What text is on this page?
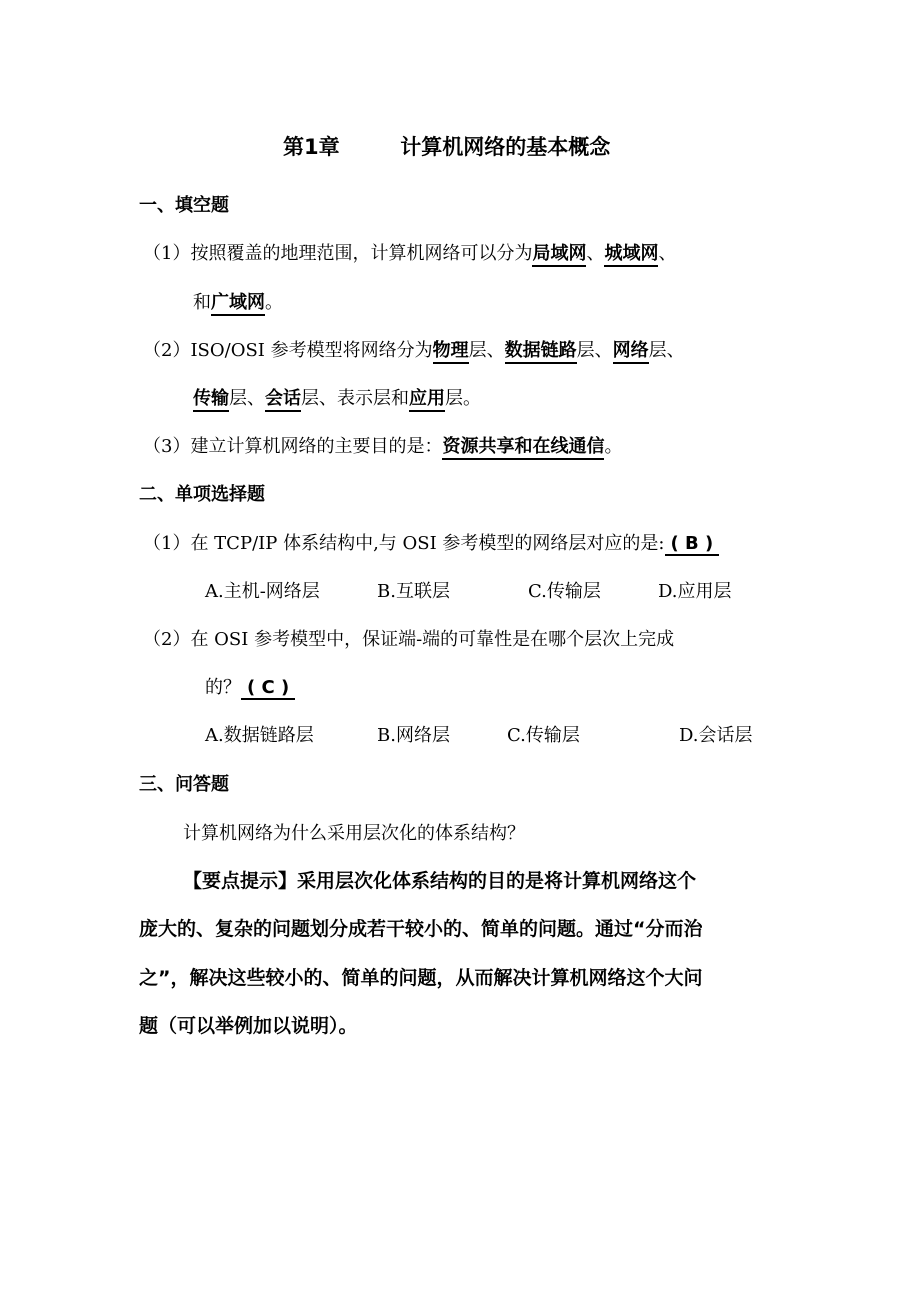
第1章	计算机网络的基本概念
一、填空题
（1）按照覆盖的地理范围，计算机网络可以分为局域网、城域网、
和广域网。
（2）ISO/OSI 参考模型将网络分为物理层、数据链路层、网络层、
传输层、会话层、表示层和应用层。
（3）建立计算机网络的主要目的是：资源共享和在线通信。
二、单项选择题
（1）在 TCP/IP 体系结构中,与 OSI 参考模型的网络层对应的是: ( B )
A.主机-网络层	B.互联层	C.传输层	D.应用层
（2）在 OSI 参考模型中，保证端-端的可靠性是在哪个层次上完成
的？ ( C )
A.数据链路层	B.网络层	C.传输层	D.会话层
三、问答题
计算机网络为什么采用层次化的体系结构？
【要点提示】采用层次化体系结构的目的是将计算机网络这个
庞大的、复杂的问题划分成若干较小的、简单的问题。通过“分而治
之”，解决这些较小的、简单的问题，从而解决计算机网络这个大问
题（可以举例加以说明）。
